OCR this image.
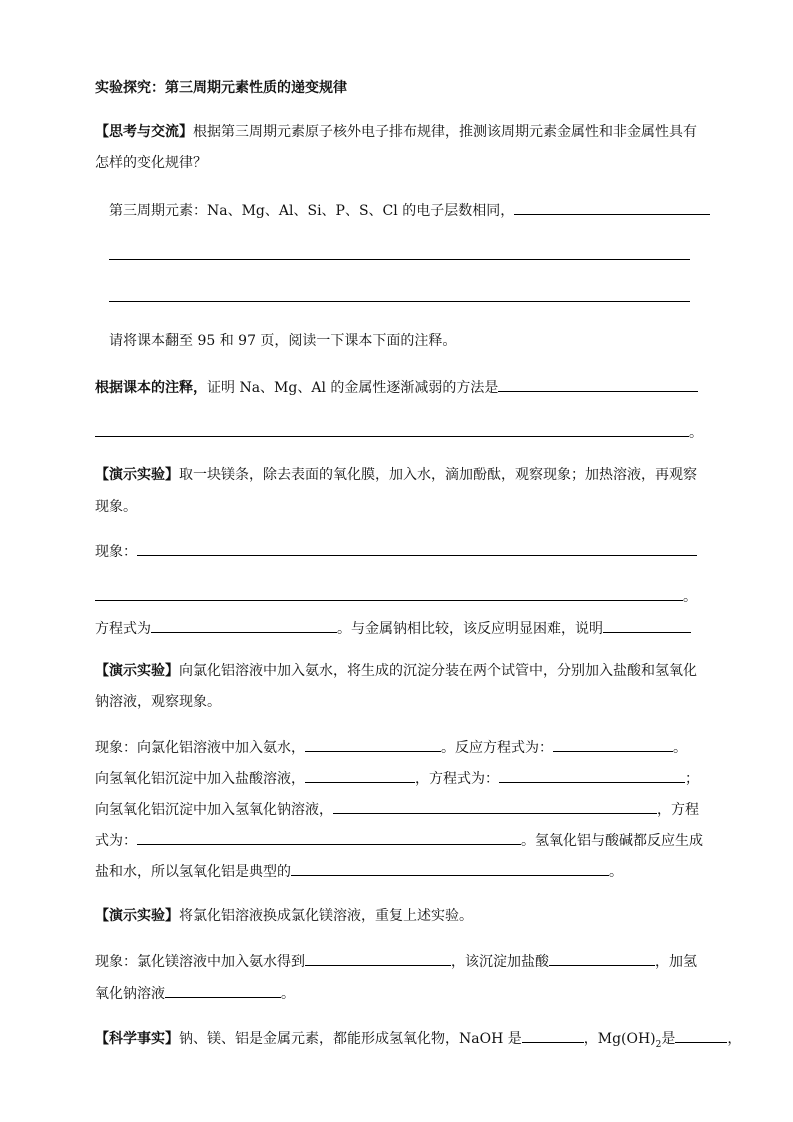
实验探究：第三周期元素性质的递变规律
【思考与交流】根据第三周期元素原子核外电子排布规律，推测该周期元素金属性和非金属性具有
怎样的变化规律？
第三周期元素：Na、Mg、Al、Si、P、S、Cl 的电子层数相同，
请将课本翻至 95 和 97 页，阅读一下课本下面的注释。
根据课本的注释，证明 Na、Mg、Al 的金属性逐渐减弱的方法是
。
【演示实验】取一块镁条，除去表面的氧化膜，加入水，滴加酚酞，观察现象；加热溶液，再观察
现象。
现象：
。
方程式为	。与金属钠相比较，该反应明显困难，说明
【演示实验】向氯化铝溶液中加入氨水，将生成的沉淀分装在两个试管中，分别加入盐酸和氢氧化
钠溶液，观察现象。
现象：向氯化铝溶液中加入氨水，	。反应方程式为：	。
向氢氧化铝沉淀中加入盐酸溶液，	，方程式为：	；
向氢氧化铝沉淀中加入氢氧化钠溶液，	，方程
式为：	。氢氧化铝与酸碱都反应生成
盐和水，所以氢氧化铝是典型的	。
【演示实验】将氯化铝溶液换成氯化镁溶液，重复上述实验。
现象：氯化镁溶液中加入氨水得到	，该沉淀加盐酸	，加氢
氧化钠溶液	。
【科学事实】钠、镁、铝是金属元素，都能形成氢氧化物，NaOH 是	，$Mg(OH)_2$是	，
